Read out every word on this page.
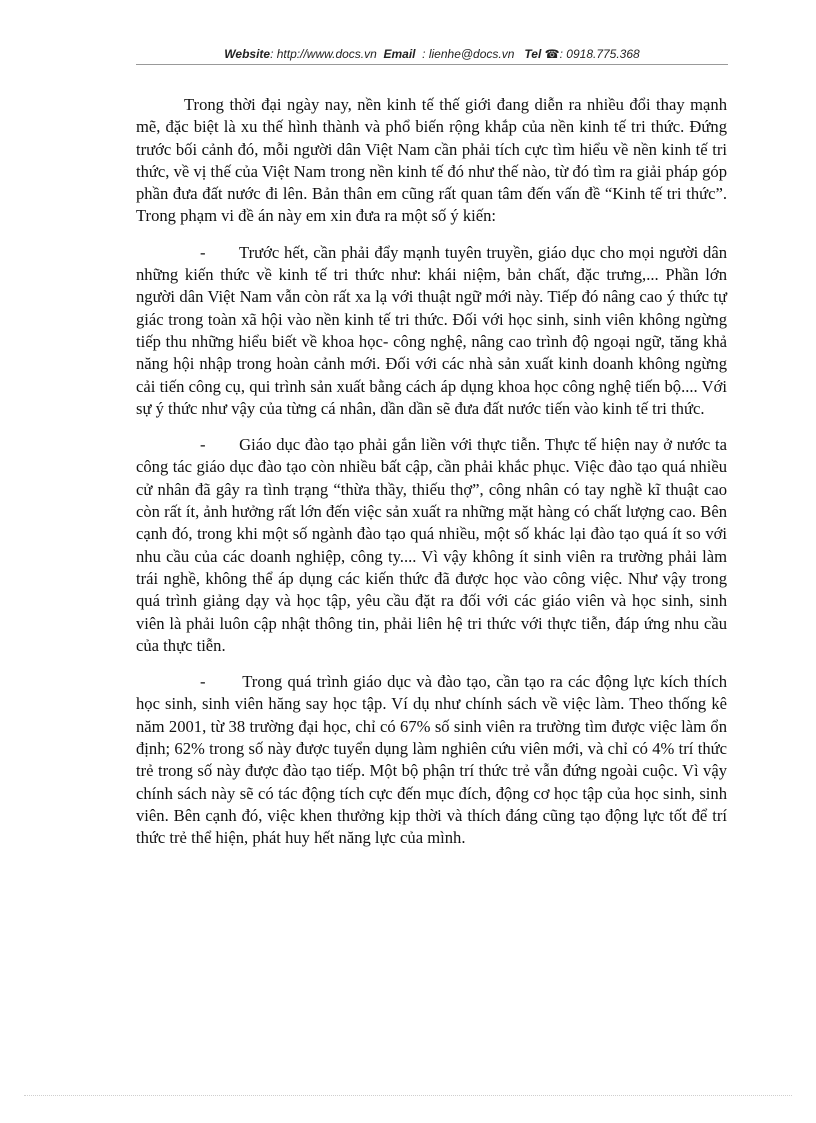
Website: http://www.docs.vn Email : lienhe@docs.vn Tel ☎: 0918.775.368

Trong thời đại ngày nay, nền kinh tế thế giới đang diễn ra nhiều đổi thay mạnh mẽ, đặc biệt là xu thế hình thành và phổ biến rộng khắp của nền kinh tế tri thức. Đứng trước bối cảnh đó, mỗi người dân Việt Nam cần phải tích cực tìm hiểu về nền kinh tế tri thức, về vị thế của Việt Nam trong nền kinh tế đó như thế nào, từ đó tìm ra giải pháp góp phần đưa đất nước đi lên. Bản thân em cũng rất quan tâm đến vấn đề “Kinh tế tri thức”. Trong phạm vi đề án này em xin đưa ra một số ý kiến:

-       Trước hết, cần phải đẩy mạnh tuyên truyền, giáo dục cho mọi người dân những kiến thức về kinh tế tri thức như: khái niệm, bản chất, đặc trưng,... Phần lớn người dân Việt Nam vẫn còn rất xa lạ với thuật ngữ mới này. Tiếp đó nâng cao ý thức tự giác trong toàn xã hội vào nền kinh tế tri thức. Đối với học sinh, sinh viên không ngừng tiếp thu những hiểu biết về khoa học- công nghệ, nâng cao trình độ ngoại ngữ, tăng khả năng hội nhập trong hoàn cảnh mới. Đối với các nhà sản xuất kinh doanh không ngừng cải tiến công cụ, qui trình sản xuất bằng cách áp dụng khoa học công nghệ tiến bộ.... Với sự ý thức như vậy của từng cá nhân, dần dần sẽ đưa đất nước tiến vào kinh tế tri thức.

-       Giáo dục đào tạo phải gắn liền với thực tiễn. Thực tế hiện nay ở nước ta công tác giáo dục đào tạo còn nhiều bất cập, cần phải khắc phục. Việc đào tạo quá nhiều cử nhân đã gây ra tình trạng “thừa thầy, thiếu thợ”, công nhân có tay nghề kĩ thuật cao còn rất ít, ảnh hưởng rất lớn đến việc sản xuất ra những mặt hàng có chất lượng cao. Bên cạnh đó, trong khi một số ngành đào tạo quá nhiều, một số khác lại đào tạo quá ít so với nhu cầu của các doanh nghiệp, công ty.... Vì vậy không ít sinh viên ra trường phải làm trái nghề, không thể áp dụng các kiến thức đã được học vào công việc. Như vậy trong quá trình giảng dạy và học tập, yêu cầu đặt ra đối với các giáo viên và học sinh, sinh viên là phải luôn cập nhật thông tin, phải liên hệ tri thức với thực tiễn, đáp ứng nhu cầu của thực tiễn.

-       Trong quá trình giáo dục và đào tạo, cần tạo ra các động lực kích thích học sinh, sinh viên hăng say học tập. Ví dụ như chính sách về việc làm. Theo thống kê năm 2001, từ 38 trường đại học, chỉ có 67% số sinh viên ra trường tìm được việc làm ổn định; 62% trong số này được tuyển dụng làm nghiên cứu viên mới, và chỉ có 4% trí thức trẻ trong số này được đào tạo tiếp. Một bộ phận trí thức trẻ vẫn đứng ngoài cuộc. Vì vậy chính sách này sẽ có tác động tích cực đến mục đích, động cơ học tập của học sinh, sinh viên. Bên cạnh đó, việc khen thưởng kịp thời và thích đáng cũng tạo động lực tốt để trí thức trẻ thể hiện, phát huy hết năng lực của mình.
